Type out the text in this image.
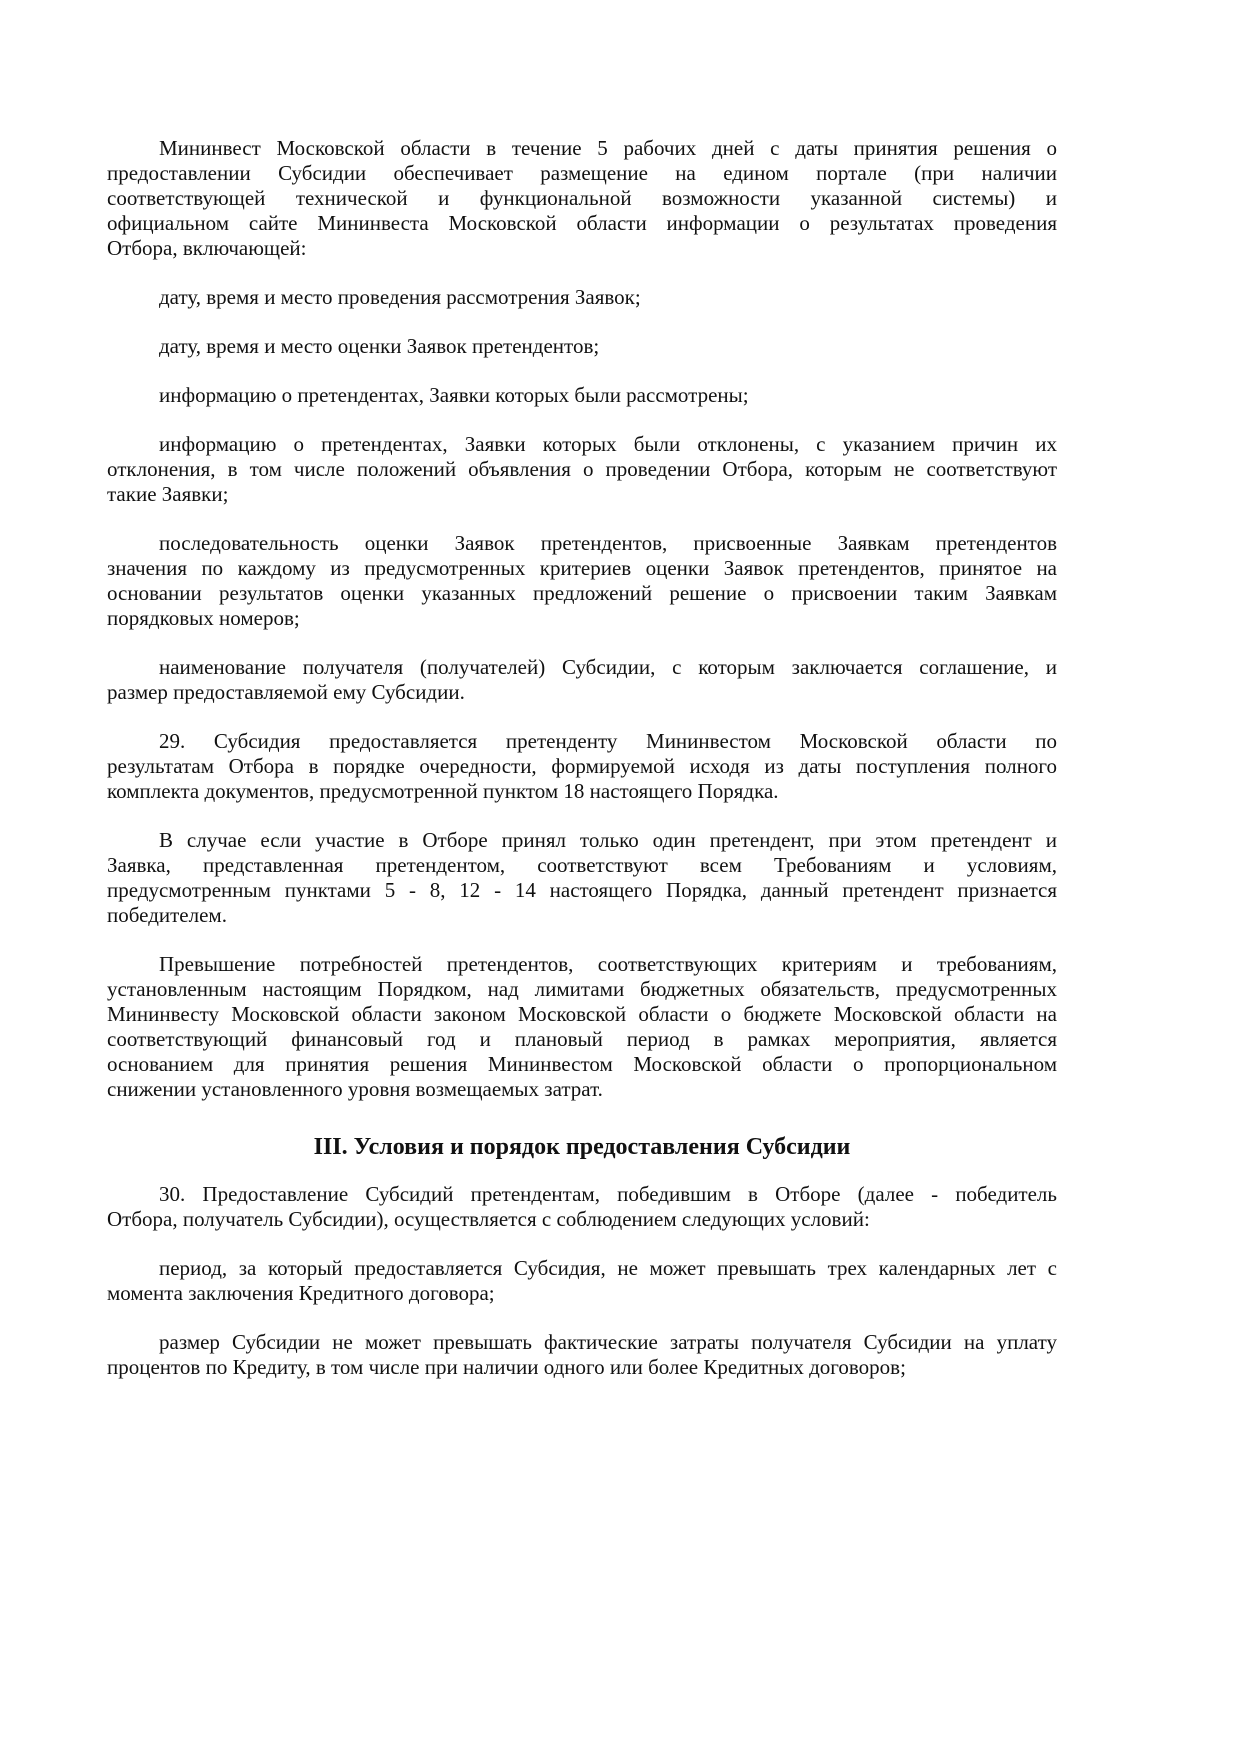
Мининвест Московской области в течение 5 рабочих дней с даты принятия решения о
предоставлении Субсидии обеспечивает размещение на едином портале (при наличии
соответствующей технической и функциональной возможности указанной системы) и
официальном сайте Мининвеста Московской области информации о результатах проведения
Отбора, включающей:
дату, время и место проведения рассмотрения Заявок;
дату, время и место оценки Заявок претендентов;
информацию о претендентах, Заявки которых были рассмотрены;
информацию о претендентах, Заявки которых были отклонены, с указанием причин их
отклонения, в том числе положений объявления о проведении Отбора, которым не соответствуют
такие Заявки;
последовательность оценки Заявок претендентов, присвоенные Заявкам претендентов
значения по каждому из предусмотренных критериев оценки Заявок претендентов, принятое на
основании результатов оценки указанных предложений решение о присвоении таким Заявкам
порядковых номеров;
наименование получателя (получателей) Субсидии, с которым заключается соглашение, и
размер предоставляемой ему Субсидии.
29. Субсидия предоставляется претенденту Мининвестом Московской области по
результатам Отбора в порядке очередности, формируемой исходя из даты поступления полного
комплекта документов, предусмотренной пунктом 18 настоящего Порядка.
В случае если участие в Отборе принял только один претендент, при этом претендент и
Заявка, представленная претендентом, соответствуют всем Требованиям и условиям,
предусмотренным пунктами 5 - 8, 12 - 14 настоящего Порядка, данный претендент признается
победителем.
Превышение потребностей претендентов, соответствующих критериям и требованиям,
установленным настоящим Порядком, над лимитами бюджетных обязательств, предусмотренных
Мининвесту Московской области законом Московской области о бюджете Московской области на
соответствующий финансовый год и плановый период в рамках мероприятия, является
основанием для принятия решения Мининвестом Московской области о пропорциональном
снижении установленного уровня возмещаемых затрат.
III. Условия и порядок предоставления Субсидии
30. Предоставление Субсидий претендентам, победившим в Отборе (далее - победитель
Отбора, получатель Субсидии), осуществляется с соблюдением следующих условий:
период, за который предоставляется Субсидия, не может превышать трех календарных лет с
момента заключения Кредитного договора;
размер Субсидии не может превышать фактические затраты получателя Субсидии на уплату
процентов по Кредиту, в том числе при наличии одного или более Кредитных договоров;
